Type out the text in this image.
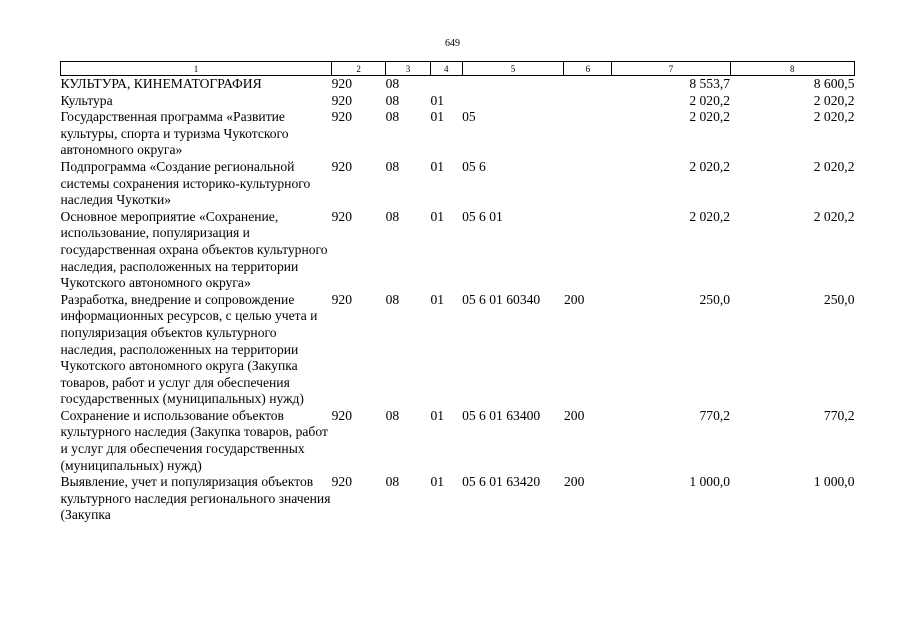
649
1	2	3	4	5	6	7	8
КУЛЬТУРА, КИНЕМАТОГРАФИЯ	920	08				8 553,7	8 600,5
Культура	920	08	01			2 020,2	2 020,2
Государственная программа «Развитие культуры, спорта и туризма Чукотского автономного округа»	920	08	01	05		2 020,2	2 020,2
Подпрограмма «Создание региональной системы сохранения историко-культурного наследия Чукотки»	920	08	01	05 6		2 020,2	2 020,2
Основное мероприятие «Сохранение, использование, популяризация и государственная охрана объектов культурного наследия, расположенных на территории Чукотского автономного округа»	920	08	01	05 6 01		2 020,2	2 020,2
Разработка, внедрение и сопровождение информационных ресурсов, с целью учета и популяризация объектов культурного наследия, расположенных на территории Чукотского автономного округа (Закупка товаров, работ и услуг для обеспечения государственных (муниципальных) нужд)	920	08	01	05 6 01 60340	200	250,0	250,0
Сохранение и использование объектов культурного наследия (Закупка товаров, работ и услуг для обеспечения государственных (муниципальных) нужд)	920	08	01	05 6 01 63400	200	770,2	770,2
Выявление, учет и популяризация объектов культурного наследия регионального значения (Закупка	920	08	01	05 6 01 63420	200	1 000,0	1 000,0
